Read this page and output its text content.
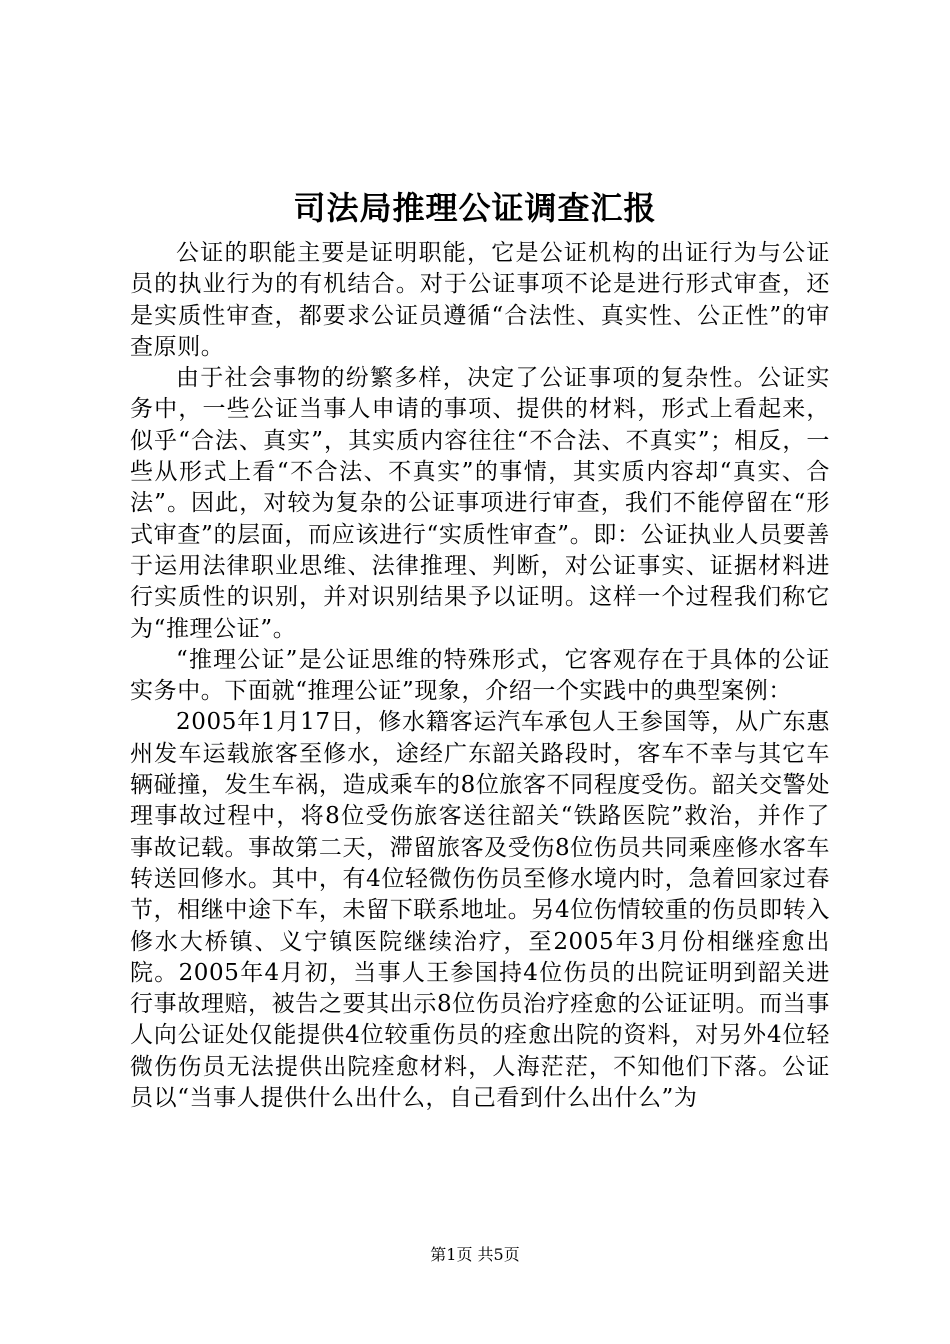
司法局推理公证调查汇报

公证的职能主要是证明职能，它是公证机构的出证行为与公证员的执业行为的有机结合。对于公证事项不论是进行形式审查，还是实质性审查，都要求公证员遵循“合法性、真实性、公正性”的审查原则。

由于社会事物的纷繁多样，决定了公证事项的复杂性。公证实务中，一些公证当事人申请的事项、提供的材料，形式上看起来，似乎“合法、真实”，其实质内容往往“不合法、不真实”；相反，一些从形式上看“不合法、不真实”的事情，其实质内容却“真实、合法”。因此，对较为复杂的公证事项进行审查，我们不能停留在“形式审查”的层面，而应该进行“实质性审查”。即：公证执业人员要善于运用法律职业思维、法律推理、判断，对公证事实、证据材料进行实质性的识别，并对识别结果予以证明。这样一个过程我们称它为“推理公证”。

“推理公证”是公证思维的特殊形式，它客观存在于具体的公证实务中。下面就“推理公证”现象，介绍一个实践中的典型案例：

2005年1月17日，修水籍客运汽车承包人王参国等，从广东惠州发车运载旅客至修水，途经广东韶关路段时，客车不幸与其它车辆碰撞，发生车祸，造成乘车的8位旅客不同程度受伤。韶关交警处理事故过程中，将8位受伤旅客送往韶关“铁路医院”救治，并作了事故记载。事故第二天，滞留旅客及受伤8位伤员共同乘座修水客车转送回修水。其中，有4位轻微伤伤员至修水境内时，急着回家过春节，相继中途下车，未留下联系地址。另4位伤情较重的伤员即转入修水大桥镇、义宁镇医院继续治疗，至2005年3月份相继痊愈出院。2005年4月初，当事人王参国持4位伤员的出院证明到韶关进行事故理赔，被告之要其出示8位伤员治疗痊愈的公证证明。而当事人向公证处仅能提供4位较重伤员的痊愈出院的资料，对另外4位轻微伤伤员无法提供出院痊愈材料，人海茫茫，不知他们下落。公证员以“当事人提供什么出什么，自己看到什么出什么”为

第1页 共5页
